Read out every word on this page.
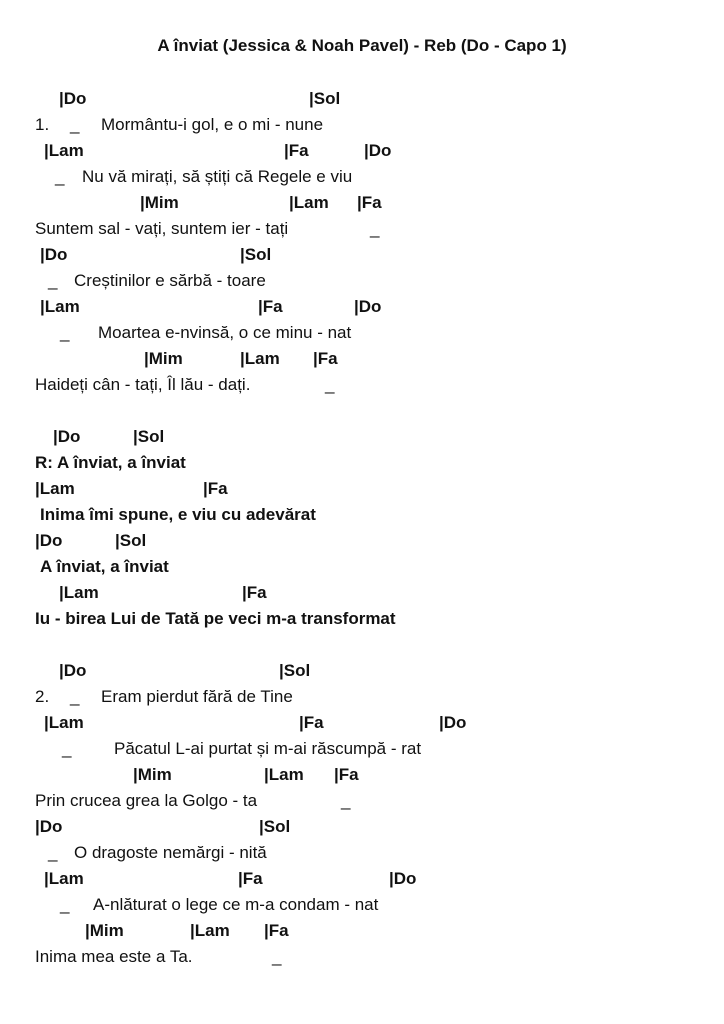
A înviat (Jessica & Noah Pavel) - Reb (Do - Capo 1)
|Do	|Sol
1. _ Mormântu-i gol, e o mi - nune
|Lam	|Fa	|Do
_ Nu vă mirați, să știți că Regele e viu
|Mim	|Lam |Fa
Suntem sal - vați, suntem ier - tați	_
|Do	|Sol
_ Creștinilor e sărbă - toare
|Lam	|Fa	|Do
_ Moartea e-nvinsă, o ce minu - nat
|Mim	|Lam |Fa
Haideți cân - tați, Îl lău - dați.	_
|Do	|Sol
R: A înviat, a înviat
|Lam	|Fa
Inima îmi spune, e viu cu adevărat
|Do	|Sol
A înviat, a înviat
|Lam	|Fa
Iu - birea Lui de Tată pe veci m-a transformat
|Do	|Sol
2. _ Eram pierdut fără de Tine
|Lam	|Fa	|Do
_	Păcatul L-ai purtat și m-ai răscumpă - rat
|Mim	|Lam |Fa
Prin crucea grea la Golgo - ta	_
|Do	|Sol
_ O dragoste nemărgi - nită
|Lam	|Fa	|Do
_ A-nlăturat o lege ce m-a condam - nat
|Mim	|Lam |Fa
Inima mea este a Ta.	_
